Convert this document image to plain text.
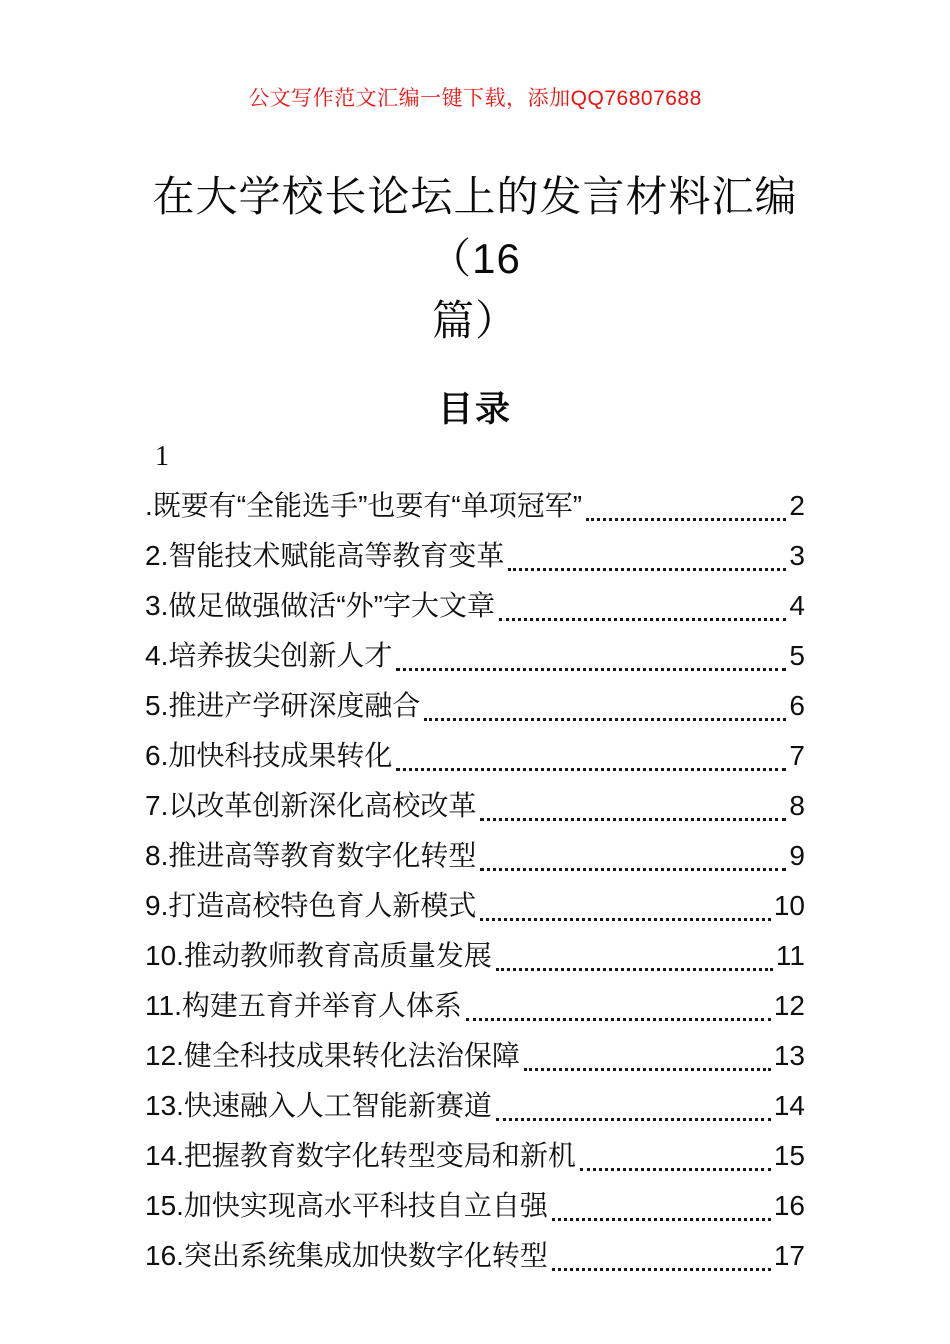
公文写作范文汇编一键下载，添加QQ76807688
在大学校长论坛上的发言材料汇编（16
篇）
目录
1
.既要有“全能选手”也要有“单项冠军”	2
2.智能技术赋能高等教育变革	3
3.做足做强做活“外”字大文章	4
4.培养拔尖创新人才	5
5.推进产学研深度融合	6
6.加快科技成果转化	7
7.以改革创新深化高校改革	8
8.推进高等教育数字化转型	9
9.打造高校特色育人新模式	10
10.推动教师教育高质量发展	11
11.构建五育并举育人体系	12
12.健全科技成果转化法治保障	13
13.快速融入人工智能新赛道	14
14.把握教育数字化转型变局和新机	15
15.加快实现高水平科技自立自强	16
16.突出系统集成加快数字化转型	17
